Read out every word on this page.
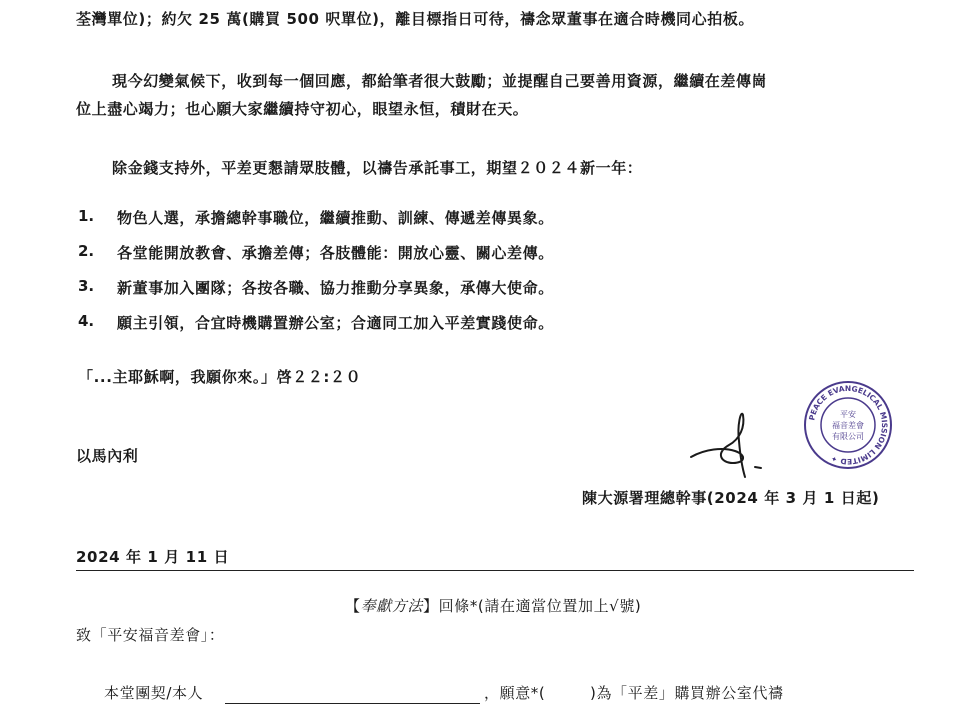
荃灣單位)；約欠 25 萬(購買 500 呎單位)，離目標指日可待，禱念眾董事在適合時機同心拍板。
現今幻變氣候下，收到每一個回應，都給筆者很大鼓勵；並提醒自己要善用資源，繼續在差傳崗
位上盡心竭力；也心願大家繼續持守初心，眼望永恒，積財在天。
除金錢支持外，平差更懇請眾肢體，以禱告承託事工，期望２０２４新一年：
1. 物色人選，承擔總幹事職位，繼續推動、訓練、傳遞差傳異象。
2. 各堂能開放教會、承擔差傳；各肢體能：開放心靈、關心差傳。
3. 新董事加入團隊；各按各職、協力推動分享異象，承傳大使命。
4. 願主引領，合宜時機購置辦公室；合適同工加入平差實踐使命。
「...主耶穌啊，我願你來。」啓２２:２０
以馬內利
PEACE EVANGELICAL MISSION LIMITED ✦
平安
福音差會
有限公司
陳大源署理總幹事(2024 年 3 月 1 日起)
2024 年 1 月 11 日
【奉獻方法】回條*(請在適當位置加上√號)
致「平安福音差會」：
本堂團契/本人	，願意*(	)為「平差」購買辦公室代禱
